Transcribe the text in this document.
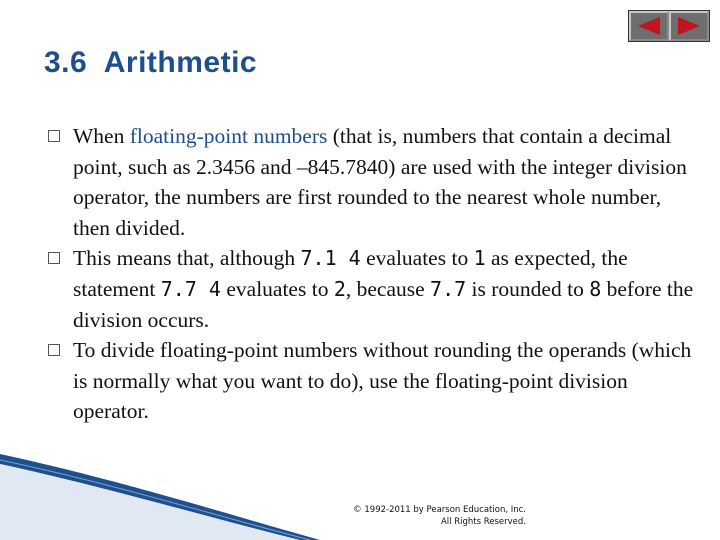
3.6  Arithmetic
When floating-point numbers (that is, numbers that contain a decimal point, such as 2.3456 and –845.7840) are used with the integer division operator, the numbers are first rounded to the nearest whole number, then divided.
This means that, although 7.1 4 evaluates to 1 as expected, the statement 7.7 4 evaluates to 2, because 7.7 is rounded to 8 before the division occurs.
To divide floating-point numbers without rounding the operands (which is normally what you want to do), use the floating-point division operator.
© 1992-2011 by Pearson Education, Inc.
All Rights Reserved.
